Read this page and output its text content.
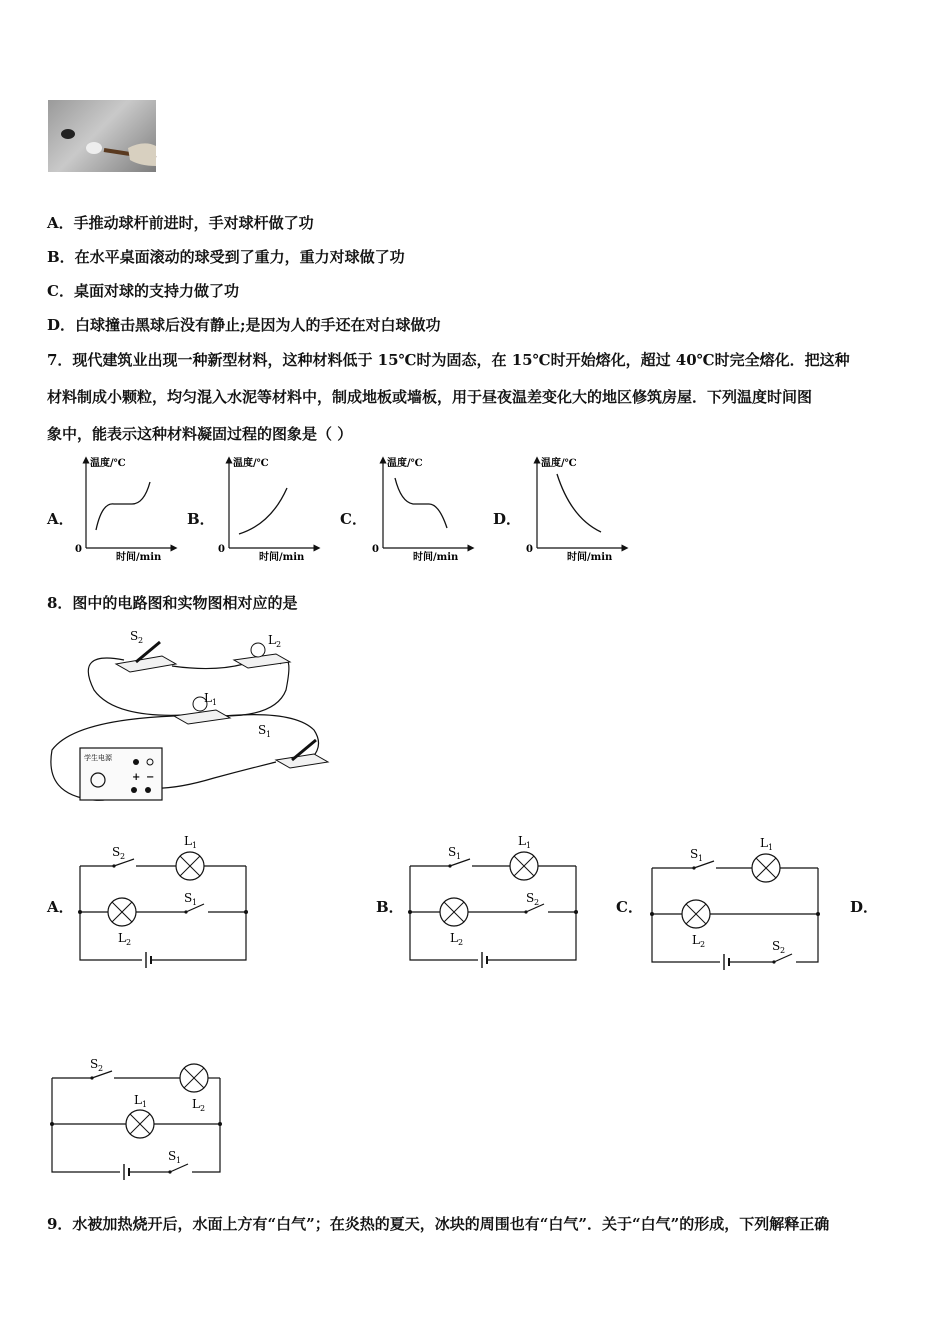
A．手推动球杆前进时，手对球杆做了功
B．在水平桌面滚动的球受到了重力，重力对球做了功
C．桌面对球的支持力做了功
D．白球撞击黑球后没有静止;是因为人的手还在对白球做功
7．现代建筑业出现一种新型材料，这种材料低于 15℃时为固态，在 15℃时开始熔化，超过 40℃时完全熔化．把这种
材料制成小颗粒，均匀混入水泥等材料中，制成地板或墙板，用于昼夜温差变化大的地区修筑房屋．下列温度时间图
象中，能表示这种材料凝固过程的图象是（ ）
A．	B．	C．	D．
温度/℃
时间/min
0
温度/℃
时间/min
0
温度/℃
时间/min
0
温度/℃
时间/min
0
8．图中的电路图和实物图相对应的是
S 2	L 2
L 1
S 1
学生电源
+ −
A．	B．	C．	D．
S 2
L 1
L 2
S 1
S 1
L 1
L 2
S 2
S 2
S 1
L 1
L 2
S 1
S 2
L 2
L 1
9．水被加热烧开后，水面上方有“白气”；在炎热的夏天，冰块的周围也有“白气”．关于“白气”的形成，下列解释正确
